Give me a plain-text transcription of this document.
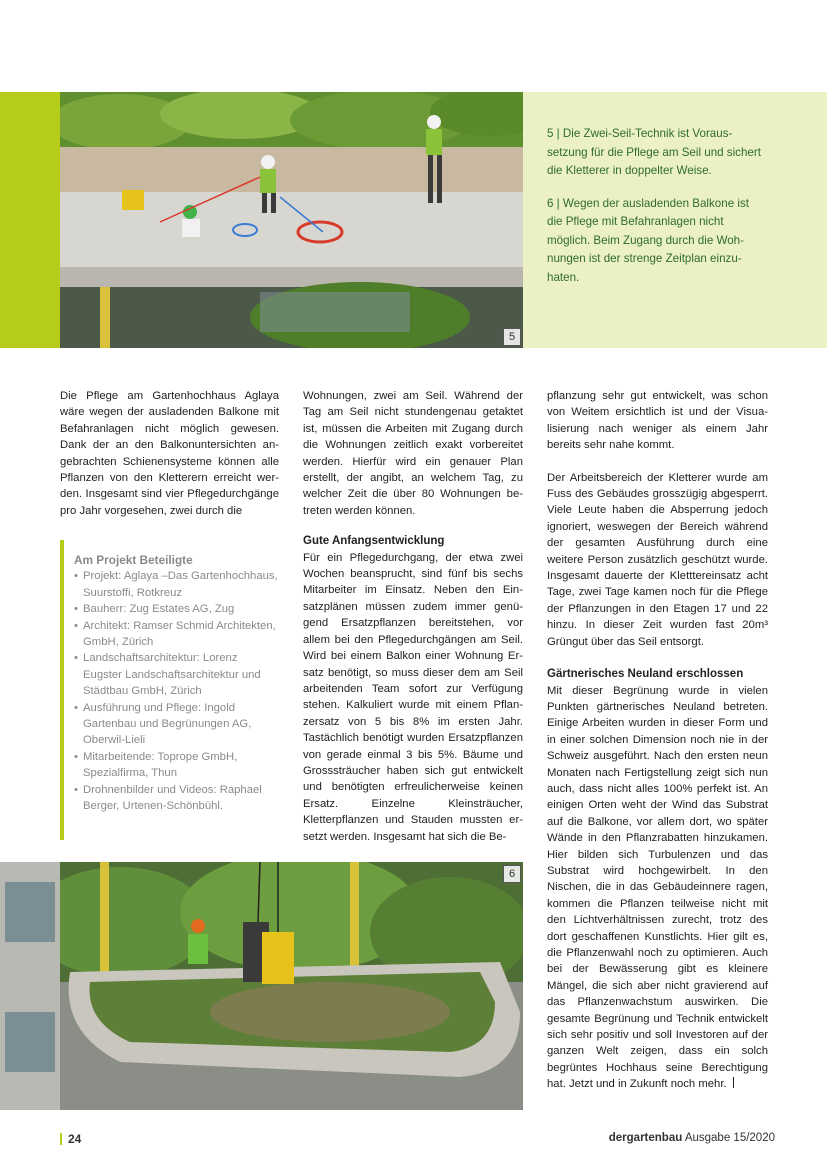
5

5 | Die Zwei-Seil-Technik ist Voraussetzung für die Pflege am Seil und sichert die Kletterer in doppelter Weise.

6 | Wegen der ausladenden Balkone ist die Pflege mit Befahranlagen nicht möglich. Beim Zugang durch die Wohnungen ist der strenge Zeitplan einzuhaten.

Die Pflege am Gartenhochhaus Aglaya wäre wegen der ausladenden Balkone mit Befahranlagen nicht möglich gewesen. Dank der an den Balkonuntersichten angebrachten Schienensysteme können alle Pflanzen von den Kletterern erreicht werden. Insgesamt sind vier Pflegedurchgänge pro Jahr vorgesehen, zwei durch die

Am Projekt Beteiligte

• Projekt: Aglaya –Das Gartenhochhaus, Suurstoffi, Rotkreuz
• Bauherr: Zug Estates AG, Zug
• Architekt: Ramser Schmid Architekten, GmbH, Zürich
• Landschaftsarchitektur: Lorenz Eugster Landschaftsarchitektur und Städtbau GmbH, Zürich
• Ausführung und Pflege: Ingold Gartenbau und Begrünungen AG, Oberwil-Lieli
• Mitarbeitende: Toprope GmbH, Spezialfirma, Thun
• Drohnenbilder und Videos: Raphael Berger, Urtenen-Schönbühl.

Wohnungen, zwei am Seil. Während der Tag am Seil nicht stundengenau getaktet ist, müssen die Arbeiten mit Zugang durch die Wohnungen zeitlich exakt vorbereitet werden. Hierfür wird ein genauer Plan erstellt, der angibt, an welchem Tag, zu welcher Zeit die über 80 Wohnungen betreten werden können.

Gute Anfangsentwicklung

Für ein Pflegedurchgang, der etwa zwei Wochen beansprucht, sind fünf bis sechs Mitarbeiter im Einsatz. Neben den Einsatzplänen müssen zudem immer genügend Ersatzpflanzen bereitstehen, vor allem bei den Pflegedurchgängen am Seil. Wird bei einem Balkon einer Wohnung Ersatz benötigt, so muss dieser dem am Seil arbeitenden Team sofort zur Verfügung stehen. Kalkuliert wurde mit einem Pflanzersatz von 5 bis 8% im ersten Jahr. Tastächlich benötigt wurden Ersatzpflanzen von gerade einmal 3 bis 5%. Bäume und Grosssträucher haben sich gut entwickelt und benötigten erfreulicherweise keinen Ersatz. Einzelne Kleinsträucher, Kletterpflanzen und Stauden mussten ersetzt werden. Insgesamt hat sich die Be-

pflanzung sehr gut entwickelt, was schon von Weitem ersichtlich ist und der Visualisierung nach weniger als einem Jahr bereits sehr nahe kommt.

Der Arbeitsbereich der Kletterer wurde am Fuss des Gebäudes grosszügig abgesperrt. Viele Leute haben die Absperrung jedoch ignoriert, weswegen der Bereich während der gesamten Ausführung durch eine weitere Person zusätzlich geschützt wurde. Insgesamt dauerte der Kletttereinsatz acht Tage, zwei Tage kamen noch für die Pflege der Pflanzungen in den Etagen 17 und 22 hinzu. In dieser Zeit wurden fast 20m³ Grüngut über das Seil entsorgt.

Gärtnerisches Neuland erschlossen

Mit dieser Begrünung wurde in vielen Punkten gärtnerisches Neuland betreten. Einige Arbeiten wurden in dieser Form und in einer solchen Dimension noch nie in der Schweiz ausgeführt. Nach den ersten neun Monaten nach Fertigstellung zeigt sich nun auch, dass nicht alles 100% perfekt ist. An einigen Orten weht der Wind das Substrat auf die Balkone, vor allem dort, wo später Wände in den Pflanzrabatten hinzukamen. Hier bilden sich Turbulenzen und das Substrat wird hochgewirbelt. In den Nischen, die in das Gebäudeinnere ragen, kommen die Pflanzen teilweise nicht mit den Lichtverhältnissen zurecht, trotz des dort geschaffenen Kunstlichts. Hier gilt es, die Pflanzenwahl noch zu optimieren. Auch bei der Bewässerung gibt es kleinere Mängel, die sich aber nicht gravierend auf das Pflanzenwachstum auswirken. Die gesamte Begrünung und Technik entwickelt sich sehr positiv und soll Investoren auf der ganzen Welt zeigen, dass ein solch begrüntes Hochhaus seine Berechtigung hat. Jetzt und in Zukunft noch mehr.

6
24	dergartenbau Ausgabe 15/2020
